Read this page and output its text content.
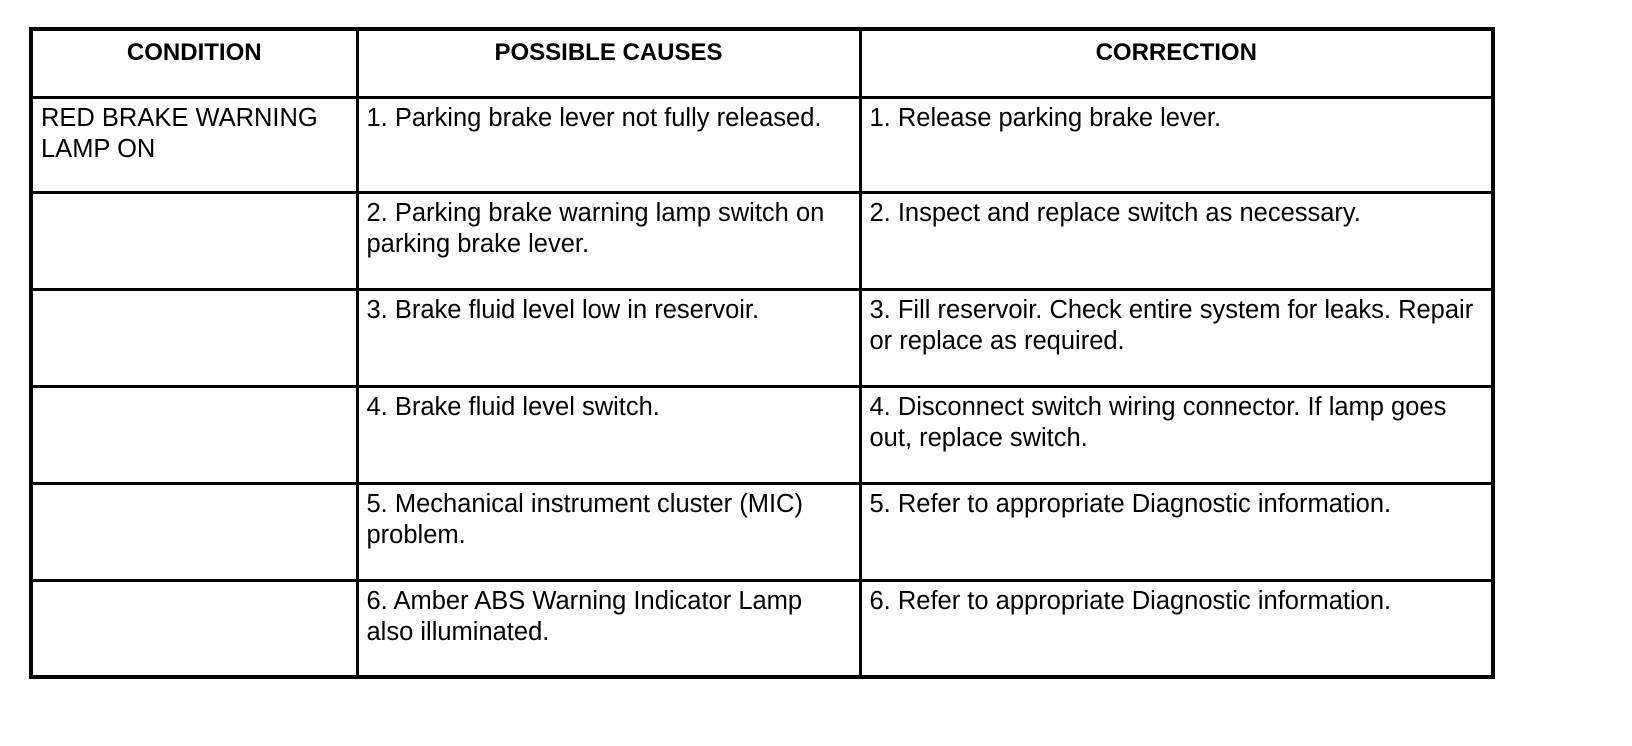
CONDITION	POSSIBLE CAUSES	CORRECTION
RED BRAKE WARNING LAMP ON	1. Parking brake lever not fully released.	1. Release parking brake lever.
	2. Parking brake warning lamp switch on parking brake lever.	2. Inspect and replace switch as necessary.
	3. Brake fluid level low in reservoir.	3. Fill reservoir. Check entire system for leaks. Repair or replace as required.
	4. Brake fluid level switch.	4. Disconnect switch wiring connector. If lamp goes out, replace switch.
	5. Mechanical instrument cluster (MIC) problem.	5. Refer to appropriate Diagnostic information.
	6. Amber ABS Warning Indicator Lamp also illuminated.	6. Refer to appropriate Diagnostic information.
